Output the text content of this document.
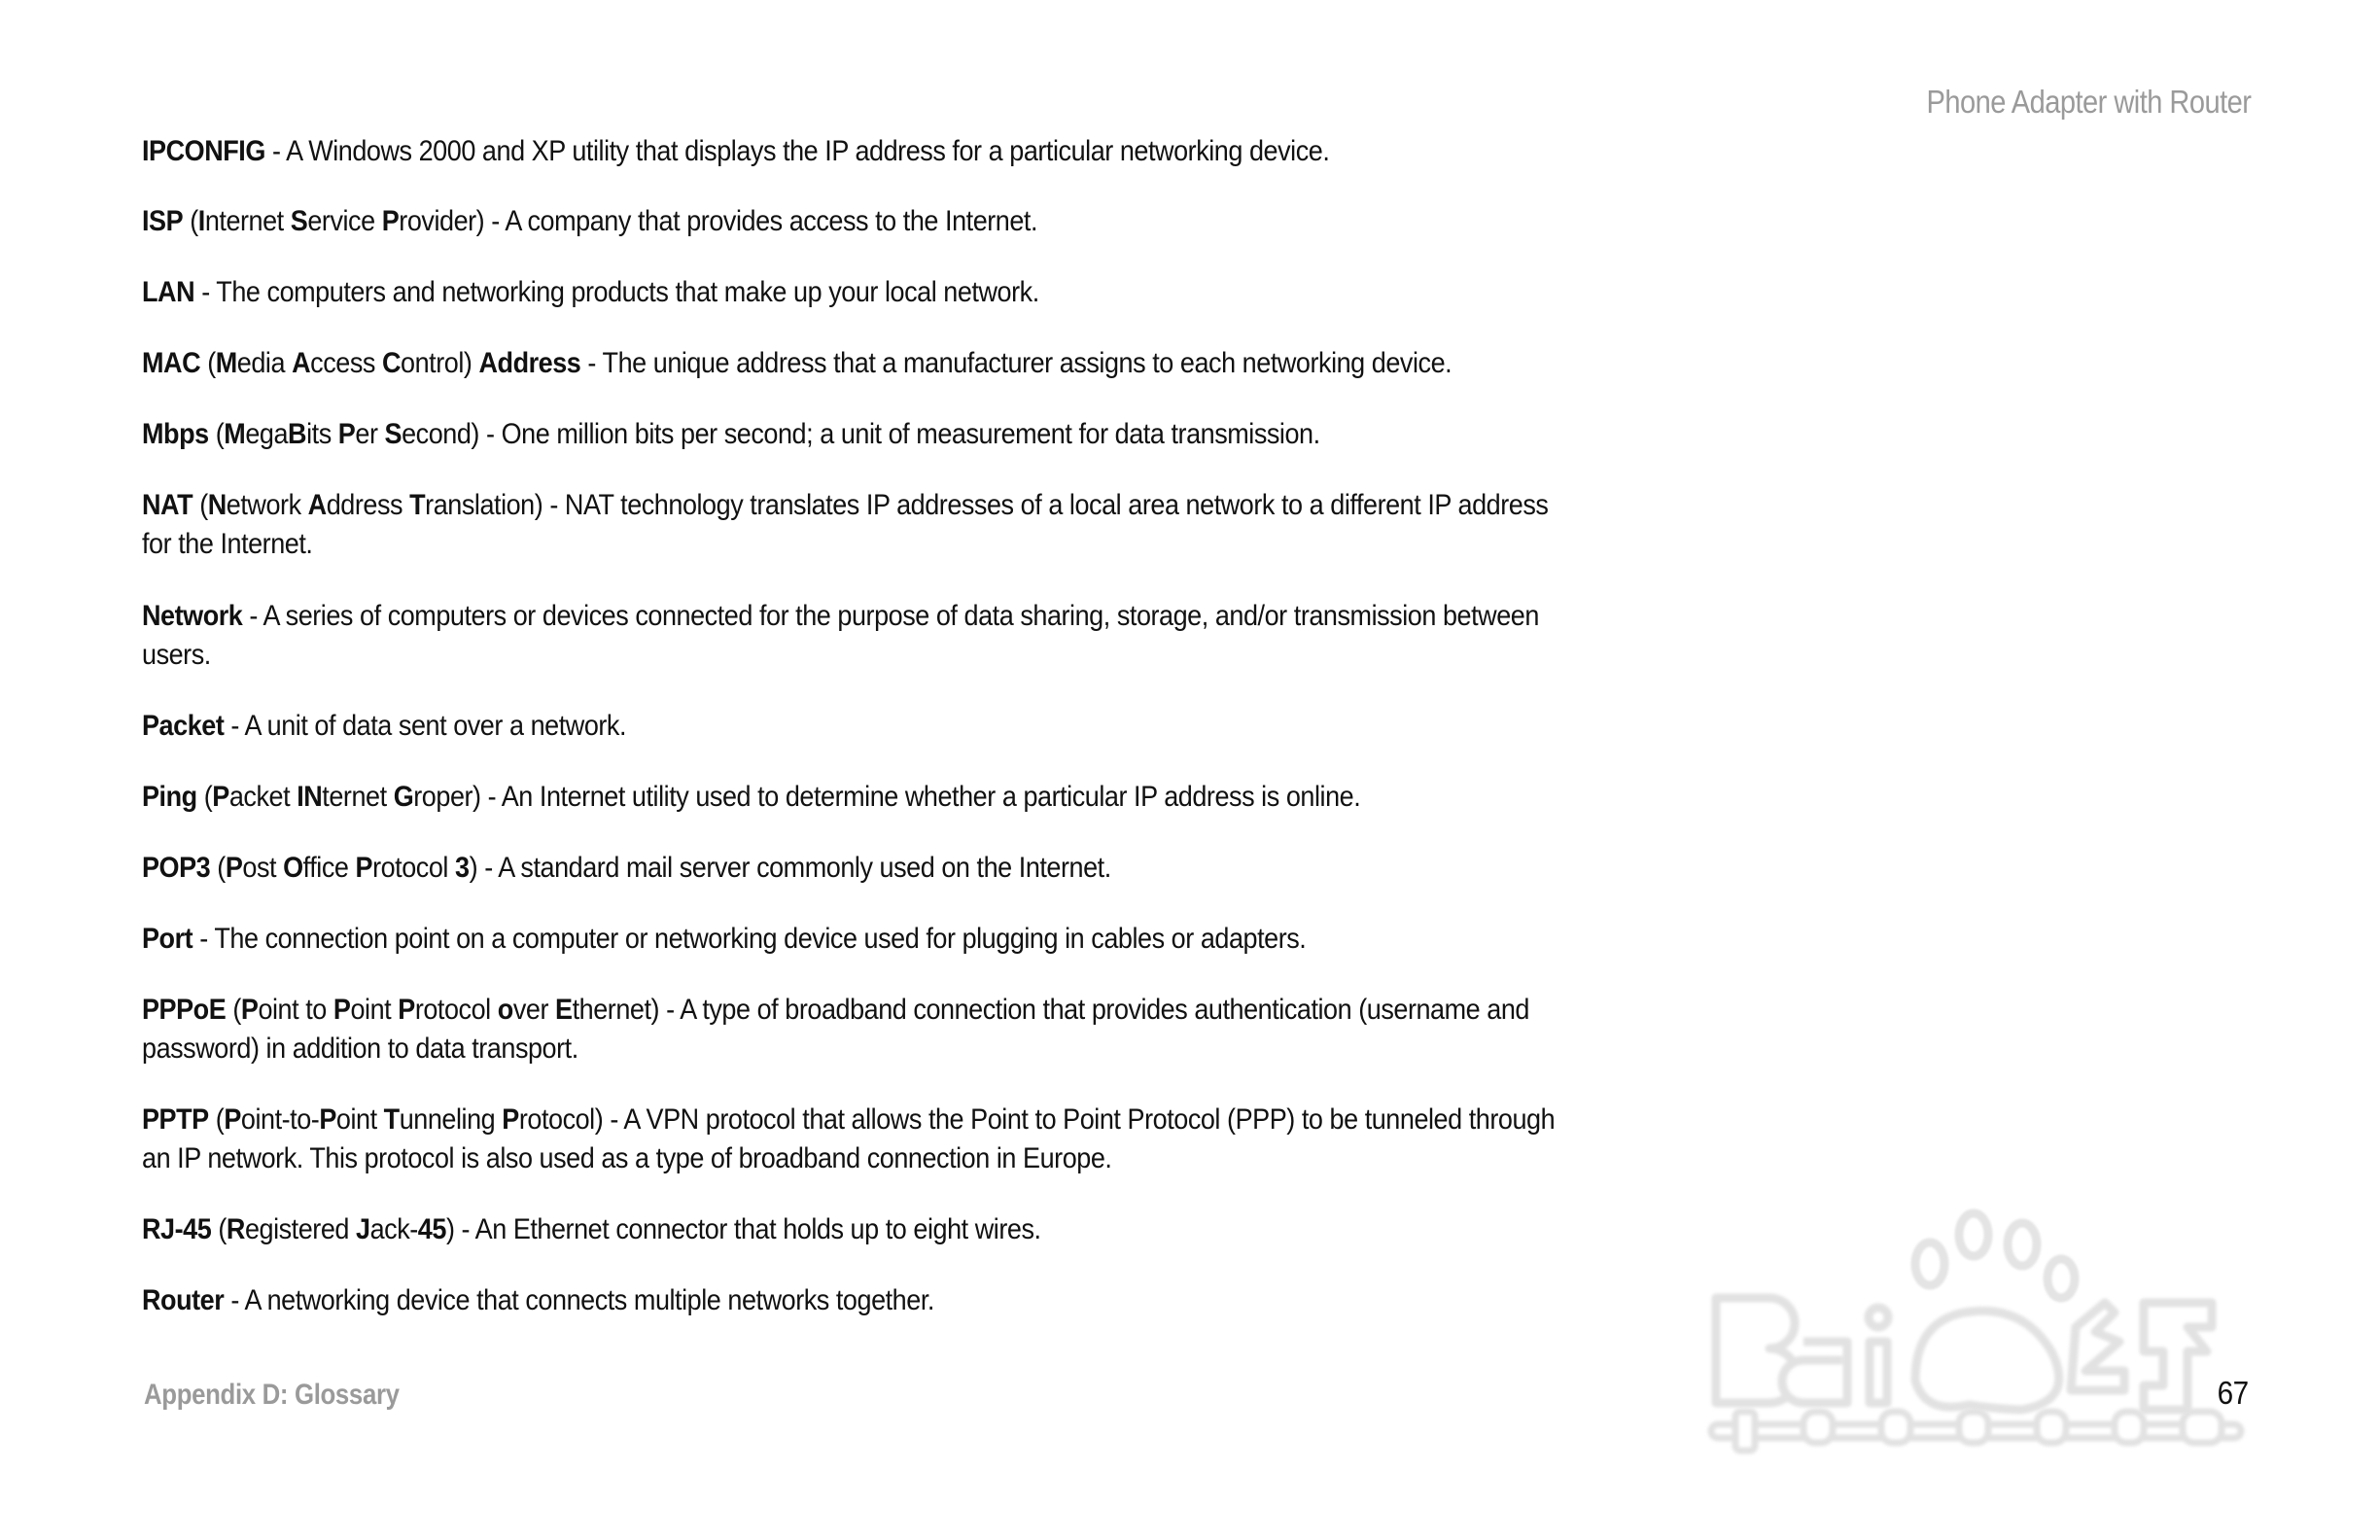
Phone Adapter with Router
IPCONFIG - A Windows 2000 and XP utility that displays the IP address for a particular networking device.
ISP (Internet Service Provider) - A company that provides access to the Internet.
LAN - The computers and networking products that make up your local network.
MAC (Media Access Control) Address - The unique address that a manufacturer assigns to each networking device.
Mbps (MegaBits Per Second) - One million bits per second; a unit of measurement for data transmission.
NAT (Network Address Translation) - NAT technology translates IP addresses of a local area network to a different IP address
for the Internet.
Network - A series of computers or devices connected for the purpose of data sharing, storage, and/or transmission between
users.
Packet - A unit of data sent over a network.
Ping (Packet INternet Groper) - An Internet utility used to determine whether a particular IP address is online.
POP3 (Post Office Protocol 3) - A standard mail server commonly used on the Internet.
Port - The connection point on a computer or networking device used for plugging in cables or adapters.
PPPoE (Point to Point Protocol over Ethernet) - A type of broadband connection that provides authentication (username and
password) in addition to data transport.
PPTP (Point-to-Point Tunneling Protocol) - A VPN protocol that allows the Point to Point Protocol (PPP) to be tunneled through
an IP network. This protocol is also used as a type of broadband connection in Europe.
RJ-45 (Registered Jack-45) - An Ethernet connector that holds up to eight wires.
Router - A networking device that connects multiple networks together.
Appendix D: Glossary	67
